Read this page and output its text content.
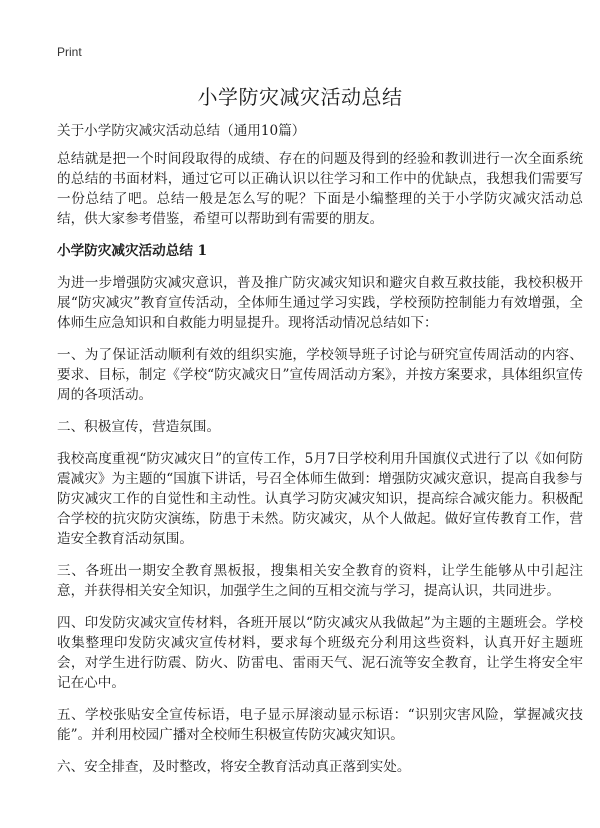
Print
小学防灾减灾活动总结

关于小学防灾减灾活动总结（通用10篇）

总结就是把一个时间段取得的成绩、存在的问题及得到的经验和教训进行一次全面系统的总结的书面材料，通过它可以正确认识以往学习和工作中的优缺点，我想我们需要写一份总结了吧。总结一般是怎么写的呢？下面是小编整理的关于小学防灾减灾活动总结，供大家参考借鉴，希望可以帮助到有需要的朋友。

小学防灾减灾活动总结 1

为进一步增强防灾减灾意识，普及推广防灾减灾知识和避灾自救互救技能，我校积极开展“防灾减灾”教育宣传活动，全体师生通过学习实践，学校预防控制能力有效增强，全体师生应急知识和自救能力明显提升。现将活动情况总结如下：

一、为了保证活动顺利有效的组织实施，学校领导班子讨论与研究宣传周活动的内容、要求、目标，制定《学校“防灾减灾日”宣传周活动方案》，并按方案要求，具体组织宣传周的各项活动。

二、积极宣传，营造氛围。

我校高度重视“防灾减灾日”的宣传工作，5月7日学校利用升国旗仪式进行了以《如何防震减灾》为主题的“国旗下讲话，号召全体师生做到：增强防灾减灾意识，提高自我参与防灾减灾工作的自觉性和主动性。认真学习防灾减灾知识，提高综合减灾能力。积极配合学校的抗灾防灾演练，防患于未然。防灾减灾，从个人做起。做好宣传教育工作，营造安全教育活动氛围。

三、各班出一期安全教育黑板报，搜集相关安全教育的资料，让学生能够从中引起注意，并获得相关安全知识，加强学生之间的互相交流与学习，提高认识，共同进步。

四、印发防灾减灾宣传材料，各班开展以“防灾减灾从我做起”为主题的主题班会。学校收集整理印发防灾减灾宣传材料，要求每个班级充分利用这些资料，认真开好主题班会，对学生进行防震、防火、防雷电、雷雨天气、泥石流等安全教育，让学生将安全牢记在心中。

五、学校张贴安全宣传标语，电子显示屏滚动显示标语：“识别灾害风险，掌握减灾技能”。并利用校园广播对全校师生积极宣传防灾减灾知识。

六、安全排查，及时整改，将安全教育活动真正落到实处。
